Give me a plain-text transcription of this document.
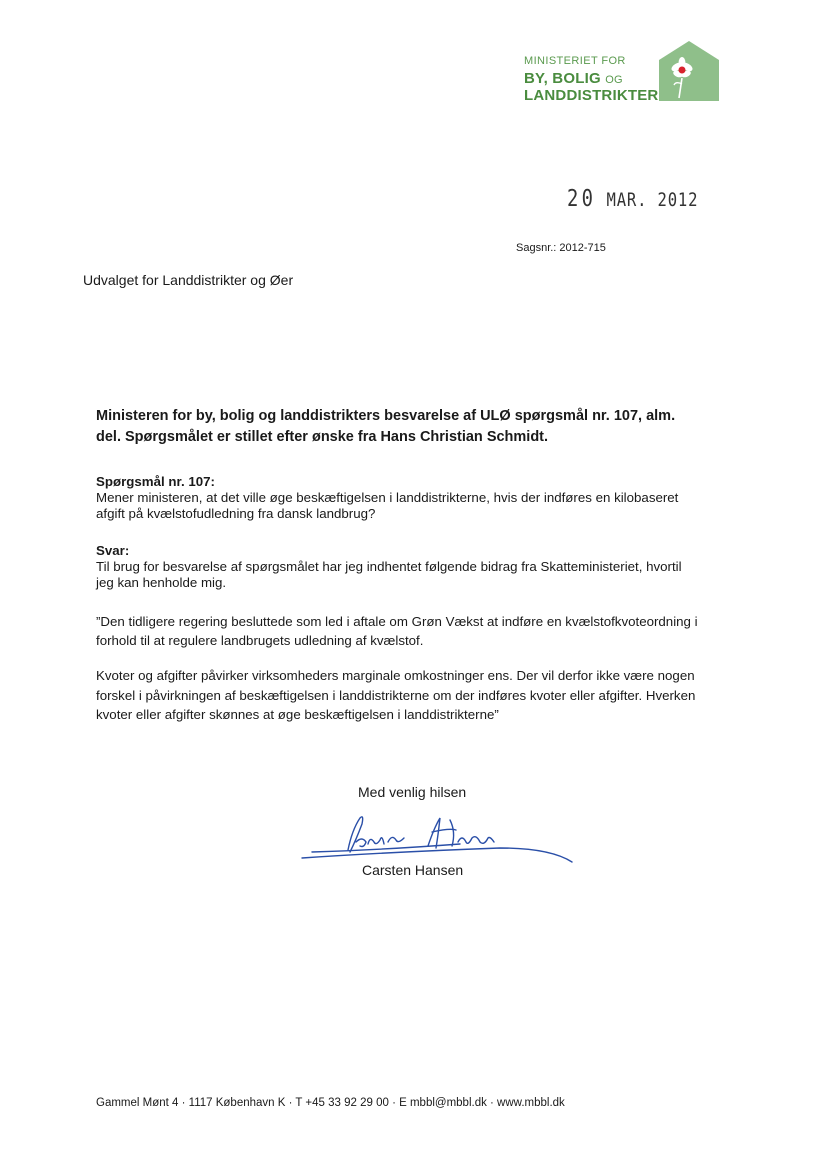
MINISTERIET FOR
BY, BOLIG OG
LANDDISTRIKTER
20 MAR. 2012
Sagsnr.: 2012-715
Udvalget for Landdistrikter og Øer
Ministeren for by, bolig og landdistrikters besvarelse af ULØ spørgsmål nr. 107, alm.
del. Spørgsmålet er stillet efter ønske fra Hans Christian Schmidt.
Spørgsmål nr. 107:
Mener ministeren, at det ville øge beskæftigelsen i landdistrikterne, hvis der indføres en kilobaseret
afgift på kvælstofudledning fra dansk landbrug?
Svar:
Til brug for besvarelse af spørgsmålet har jeg indhentet følgende bidrag fra Skatteministeriet, hvortil
jeg kan henholde mig.
”Den tidligere regering besluttede som led i aftale om Grøn Vækst at indføre en kvælstofkvoteordning i
forhold til at regulere landbrugets udledning af kvælstof.
Kvoter og afgifter påvirker virksomheders marginale omkostninger ens. Der vil derfor ikke være nogen
forskel i påvirkningen af beskæftigelsen i landdistrikterne om der indføres kvoter eller afgifter. Hverken
kvoter eller afgifter skønnes at øge beskæftigelsen i landdistrikterne”
Med venlig hilsen
Carsten Hansen
Gammel Mønt 4 · 1117 København K · T +45 33 92 29 00 · E mbbl@mbbl.dk · www.mbbl.dk
